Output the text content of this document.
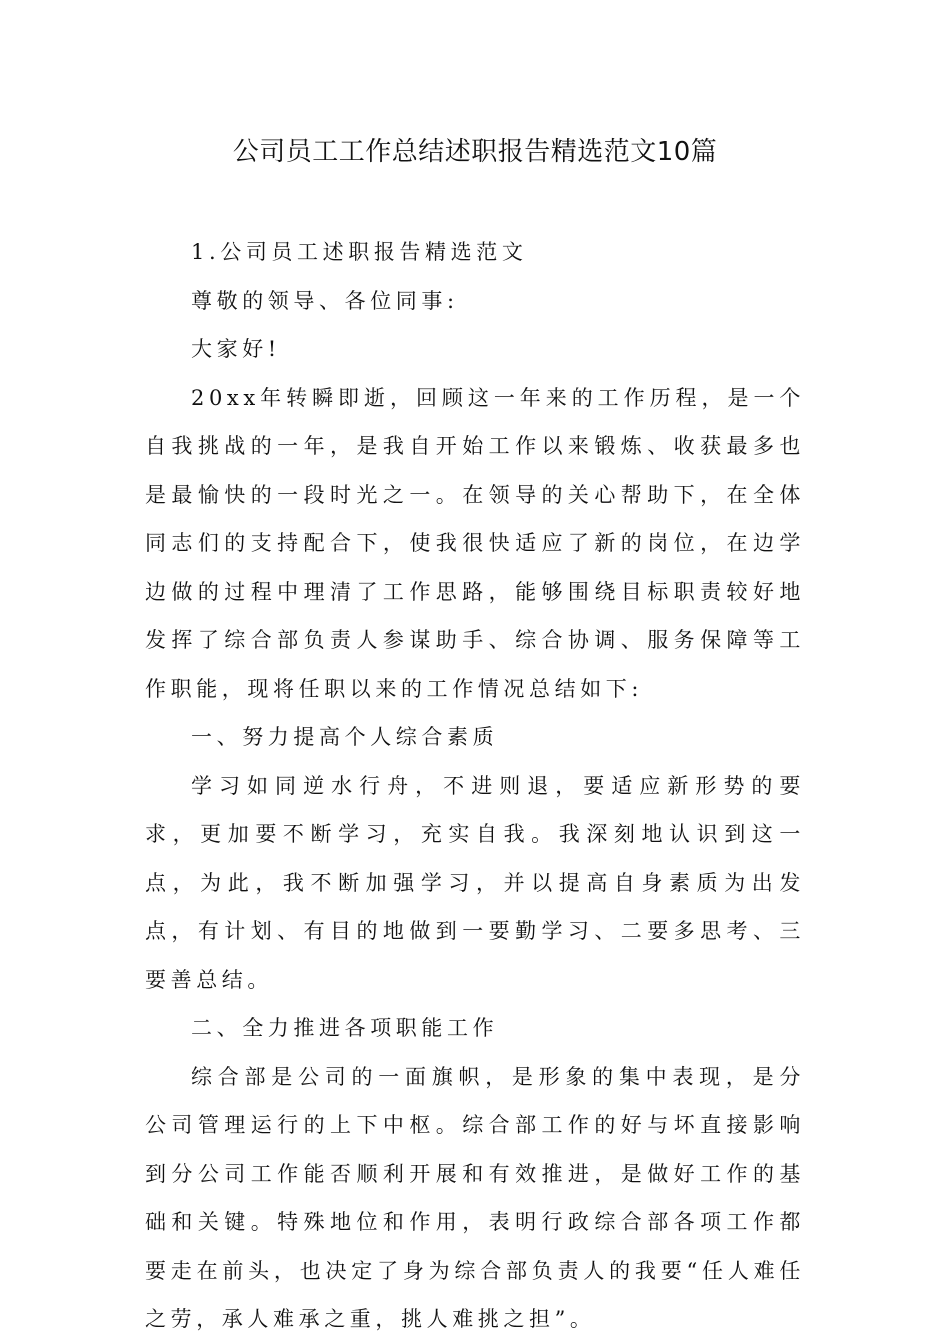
公司员工工作总结述职报告精选范文10篇

1.公司员工述职报告精选范文

尊敬的领导、各位同事:

大家好!

20xx年转瞬即逝，回顾这一年来的工作历程，是一个自我挑战的一年，是我自开始工作以来锻炼、收获最多也是最愉快的一段时光之一。在领导的关心帮助下，在全体同志们的支持配合下，使我很快适应了新的岗位，在边学边做的过程中理清了工作思路，能够围绕目标职责较好地发挥了综合部负责人参谋助手、综合协调、服务保障等工作职能，现将任职以来的工作情况总结如下:

一、努力提高个人综合素质

学习如同逆水行舟，不进则退，要适应新形势的要求，更加要不断学习，充实自我。我深刻地认识到这一点，为此，我不断加强学习，并以提高自身素质为出发点，有计划、有目的地做到一要勤学习、二要多思考、三要善总结。

二、全力推进各项职能工作

综合部是公司的一面旗帜，是形象的集中表现，是分公司管理运行的上下中枢。综合部工作的好与坏直接影响到分公司工作能否顺利开展和有效推进，是做好工作的基础和关键。特殊地位和作用，表明行政综合部各项工作都要走在前头，也决定了身为综合部负责人的我要“任人难任之劳，承人难承之重，挑人难挑之担”。
